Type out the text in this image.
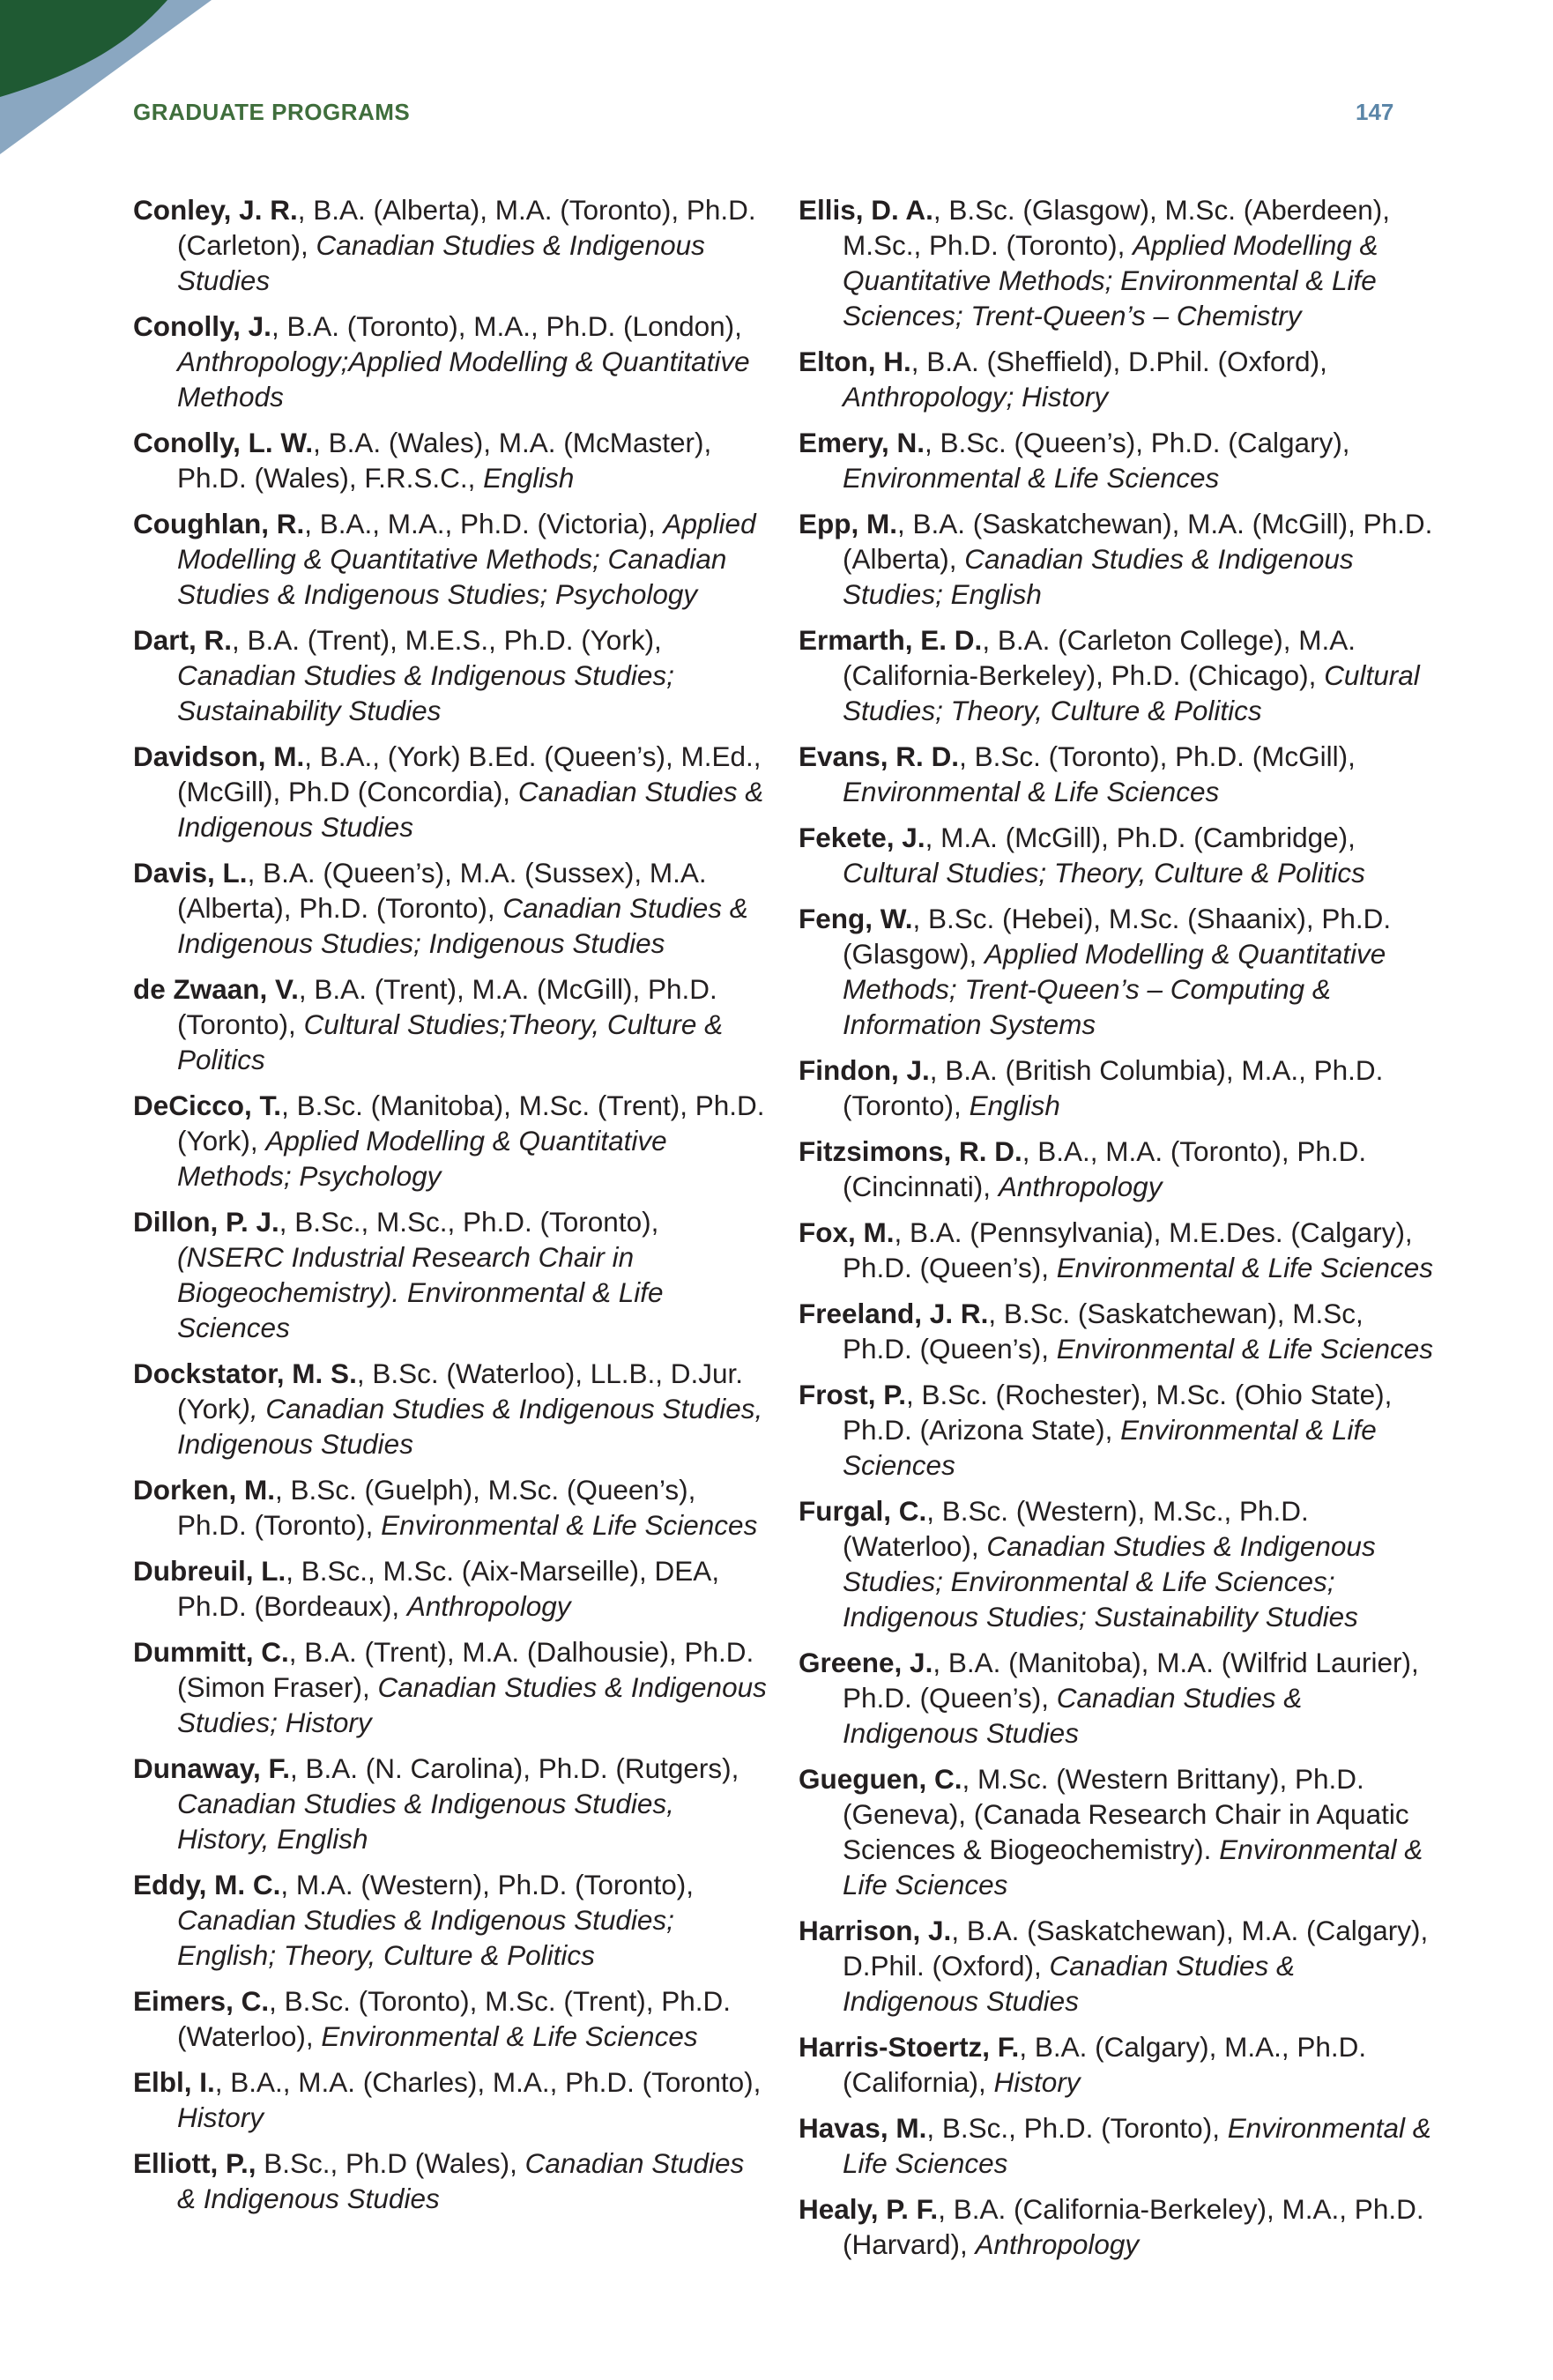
GRADUATE PROGRAMS	147
Conley, J. R., B.A. (Alberta), M.A. (Toronto), Ph.D. (Carleton), Canadian Studies & Indigenous Studies
Conolly, J., B.A. (Toronto), M.A., Ph.D. (London), Anthropology;Applied Modelling & Quantitative Methods
Conolly, L. W., B.A. (Wales), M.A. (McMaster), Ph.D. (Wales), F.R.S.C., English
Coughlan, R., B.A., M.A., Ph.D. (Victoria), Applied Modelling & Quantitative Methods; Canadian Studies & Indigenous Studies; Psychology
Dart, R., B.A. (Trent), M.E.S., Ph.D. (York), Canadian Studies & Indigenous Studies; Sustainability Studies
Davidson, M., B.A., (York) B.Ed. (Queen’s), M.Ed., (McGill), Ph.D (Concordia), Canadian Studies & Indigenous Studies
Davis, L., B.A. (Queen’s), M.A. (Sussex), M.A. (Alberta), Ph.D. (Toronto), Canadian Studies & Indigenous Studies; Indigenous Studies
de Zwaan, V., B.A. (Trent), M.A. (McGill), Ph.D. (Toronto), Cultural Studies;Theory, Culture & Politics
DeCicco, T., B.Sc. (Manitoba), M.Sc. (Trent), Ph.D. (York), Applied Modelling & Quantitative Methods; Psychology
Dillon, P. J., B.Sc., M.Sc., Ph.D. (Toronto), (NSERC Industrial Research Chair in Biogeochemistry). Environmental & Life Sciences
Dockstator, M. S., B.Sc. (Waterloo), LL.B., D.Jur. (York), Canadian Studies & Indigenous Studies, Indigenous Studies
Dorken, M., B.Sc. (Guelph), M.Sc. (Queen’s), Ph.D. (Toronto), Environmental & Life Sciences
Dubreuil, L., B.Sc., M.Sc. (Aix-Marseille), DEA, Ph.D. (Bordeaux), Anthropology
Dummitt, C., B.A. (Trent), M.A. (Dalhousie), Ph.D. (Simon Fraser), Canadian Studies & Indigenous Studies; History
Dunaway, F., B.A. (N. Carolina), Ph.D. (Rutgers), Canadian Studies & Indigenous Studies, History, English
Eddy, M. C., M.A. (Western), Ph.D. (Toronto), Canadian Studies & Indigenous Studies; English; Theory, Culture & Politics
Eimers, C., B.Sc. (Toronto), M.Sc. (Trent), Ph.D. (Waterloo), Environmental & Life Sciences
Elbl, I., B.A., M.A. (Charles), M.A., Ph.D. (Toronto), History
Elliott, P., B.Sc., Ph.D (Wales), Canadian Studies & Indigenous Studies
Ellis, D. A., B.Sc. (Glasgow), M.Sc. (Aberdeen), M.Sc., Ph.D. (Toronto), Applied Modelling & Quantitative Methods; Environmental & Life Sciences; Trent-Queen’s – Chemistry
Elton, H., B.A. (Sheffield), D.Phil. (Oxford), Anthropology; History
Emery, N., B.Sc. (Queen’s), Ph.D. (Calgary), Environmental & Life Sciences
Epp, M., B.A. (Saskatchewan), M.A. (McGill), Ph.D. (Alberta), Canadian Studies & Indigenous Studies; English
Ermarth, E. D., B.A. (Carleton College), M.A. (California-Berkeley), Ph.D. (Chicago), Cultural Studies; Theory, Culture & Politics
Evans, R. D., B.Sc. (Toronto), Ph.D. (McGill), Environmental & Life Sciences
Fekete, J., M.A. (McGill), Ph.D. (Cambridge), Cultural Studies; Theory, Culture & Politics
Feng, W., B.Sc. (Hebei), M.Sc. (Shaanix), Ph.D. (Glasgow), Applied Modelling & Quantitative Methods; Trent-Queen’s – Computing & Information Systems
Findon, J., B.A. (British Columbia), M.A., Ph.D. (Toronto), English
Fitzsimons, R. D., B.A., M.A. (Toronto), Ph.D. (Cincinnati), Anthropology
Fox, M., B.A. (Pennsylvania), M.E.Des. (Calgary), Ph.D. (Queen’s), Environmental & Life Sciences
Freeland, J. R., B.Sc. (Saskatchewan), M.Sc, Ph.D. (Queen’s), Environmental & Life Sciences
Frost, P., B.Sc. (Rochester), M.Sc. (Ohio State), Ph.D. (Arizona State), Environmental & Life Sciences
Furgal, C., B.Sc. (Western), M.Sc., Ph.D. (Waterloo), Canadian Studies & Indigenous Studies; Environmental & Life Sciences; Indigenous Studies; Sustainability Studies
Greene, J., B.A. (Manitoba), M.A. (Wilfrid Laurier), Ph.D. (Queen’s), Canadian Studies & Indigenous Studies
Gueguen, C., M.Sc. (Western Brittany), Ph.D. (Geneva), (Canada Research Chair in Aquatic Sciences & Biogeochemistry). Environmental & Life Sciences
Harrison, J., B.A. (Saskatchewan), M.A. (Calgary), D.Phil. (Oxford), Canadian Studies & Indigenous Studies
Harris-Stoertz, F., B.A. (Calgary), M.A., Ph.D. (California), History
Havas, M., B.Sc., Ph.D. (Toronto), Environmental & Life Sciences
Healy, P. F., B.A. (California-Berkeley), M.A., Ph.D. (Harvard), Anthropology
